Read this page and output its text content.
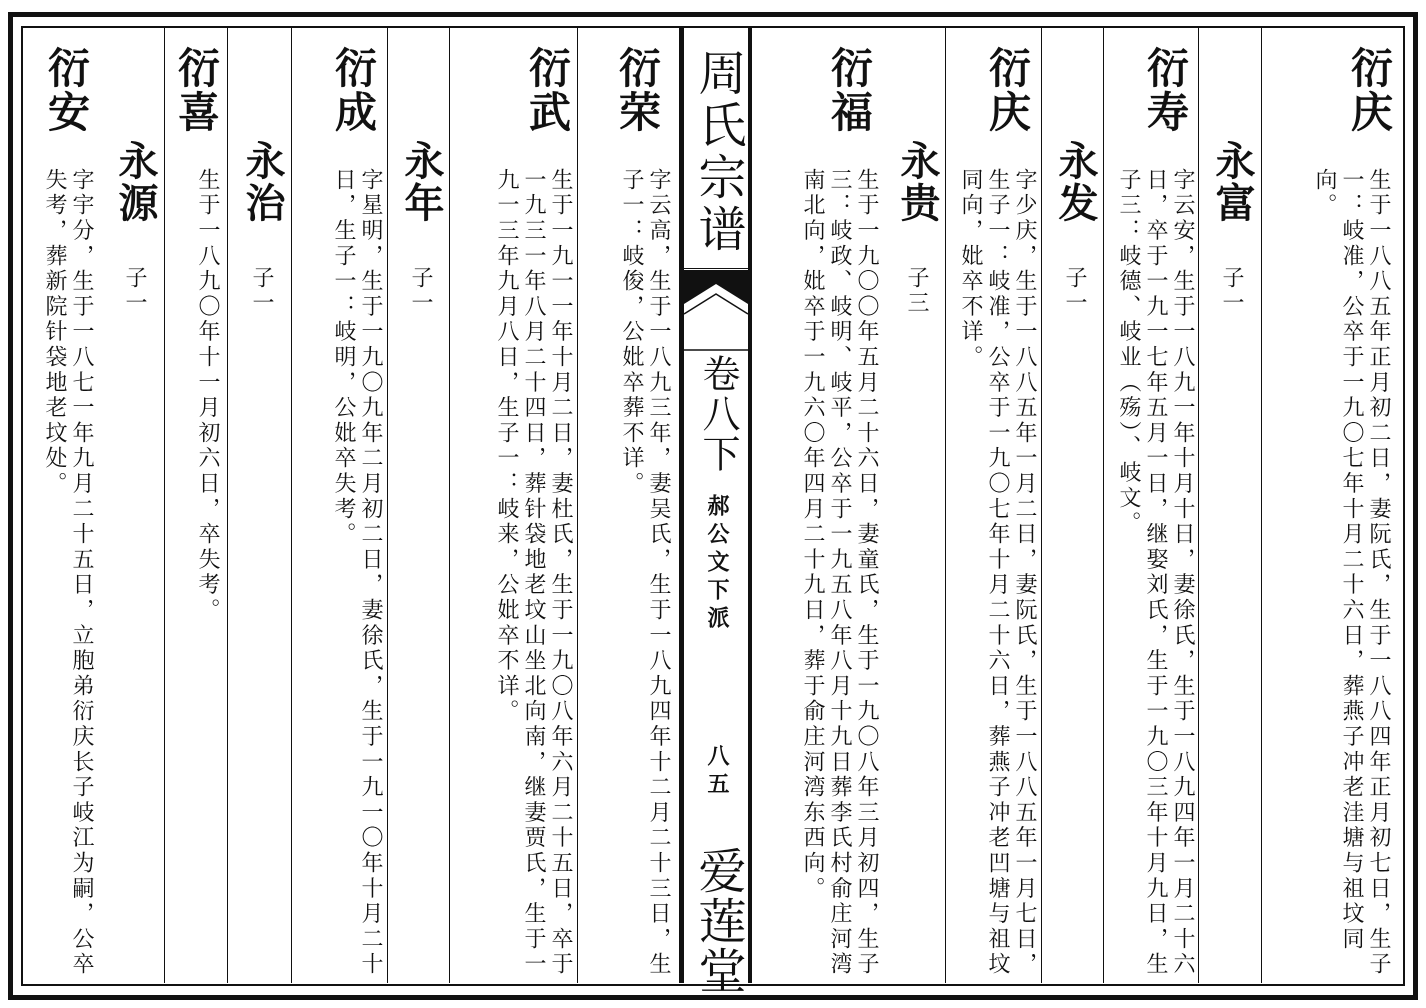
衍庆
生于一八八五年正月初二日，妻阮氏，生于一八八四年正月初七日，生子一：岐准，公卒于一九〇七年十月二十六日，葬燕子冲老洼塘与祖坟同向。
永富
子一
衍寿
字云安，生于一八九一年十月十日，妻徐氏，生于一八九四年一月二十六日，卒于一九一七年五月一日，继娶刘氏，生于一九〇三年十月九日，生子三：岐德、岐业（殇）、岐文。
永发
子一
衍庆
字少庆，生于一八八五年一月二日，妻阮氏，生于一八八五年一月七日，生子一：岐准，公卒于一九〇七年十月二十六日，葬燕子冲老凹塘与祖坟同向，妣卒不详。
永贵
子三
衍福
生于一九〇〇年五月二十六日，妻童氏，生于一九〇八年三月初四，生子三：岐政、岐明、岐平，公卒于一九五八年八月十九日葬李氏村俞庄河湾南北向，妣卒于一九六〇年四月二十九日，葬于俞庄河湾东西向。
周氏宗谱
卷八下
郝公文下派
八五
爱莲堂
衍荣
字云高，生于一八九三年，妻吴氏，生于一八九四年十二月二十三日，生子一：岐俊，公妣卒葬不详。
衍武
生于一九一一年十月二日，妻杜氏，生于一九〇八年六月二十五日，卒于一九三一年八月二十四日，葬针袋地老坟山坐北向南，继妻贾氏，生于一九一三年九月八日，生子一：岐来，公妣卒不详。
永年
子一
衍成
字星明，生于一九〇九年二月初二日，妻徐氏，生于一九一〇年十月二十日，生子一：岐明，公妣卒失考。
永治
子一
衍喜
生于一八九〇年十一月初六日，卒失考。
永源
子一
衍安
字宇分，生于一八七一年九月二十五日，立胞弟衍庆长子岐江为嗣，公卒失考，葬新院针袋地老坟处。
